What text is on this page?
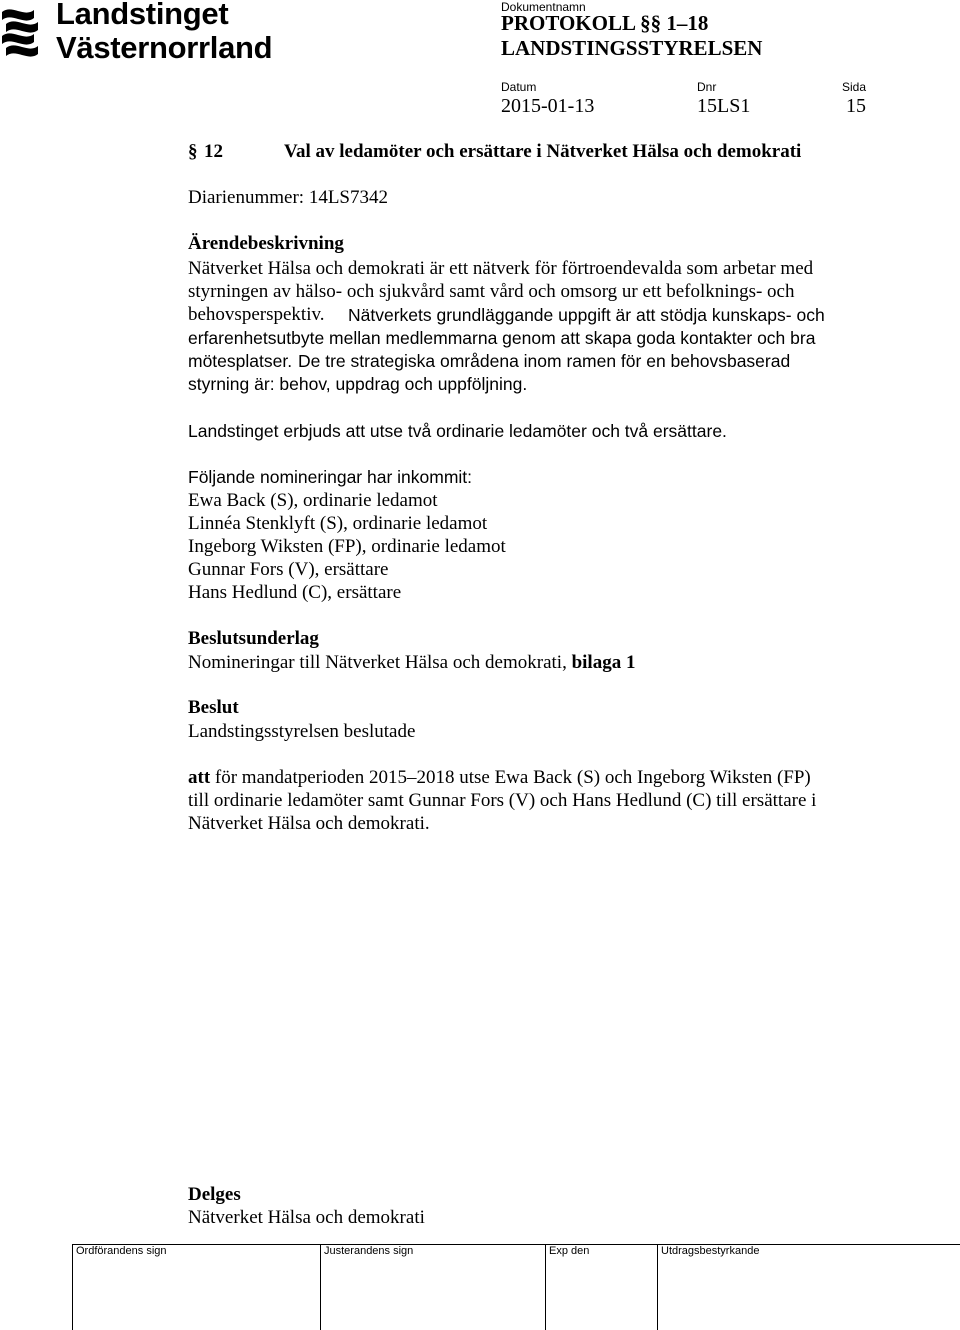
Landstinget
Västernorrland
Dokumentnamn
PROTOKOLL §§ 1–18
LANDSTINGSSTYRELSEN
Datum
2015-01-13
Dnr
15LS1
Sida
15
§ 12	Val av ledamöter och ersättare i Nätverket Hälsa och demokrati
Diarienummer: 14LS7342
Ärendebeskrivning
Nätverket Hälsa och demokrati är ett nätverk för förtroendevalda som arbetar med
styrningen av hälso- och sjukvård samt vård och omsorg ur ett befolknings- och
behovsperspektiv. Nätverkets grundläggande uppgift är att stödja kunskaps- och
erfarenhetsutbyte mellan medlemmarna genom att skapa goda kontakter och bra
mötesplatser. De tre strategiska områdena inom ramen för en behovsbaserad
styrning är: behov, uppdrag och uppföljning.
Landstinget erbjuds att utse två ordinarie ledamöter och två ersättare.
Följande nomineringar har inkommit:
Ewa Back (S), ordinarie ledamot
Linnéa Stenklyft (S), ordinarie ledamot
Ingeborg Wiksten (FP), ordinarie ledamot
Gunnar Fors (V), ersättare
Hans Hedlund (C), ersättare
Beslutsunderlag
Nomineringar till Nätverket Hälsa och demokrati, bilaga 1
Beslut
Landstingsstyrelsen beslutade
att för mandatperioden 2015–2018 utse Ewa Back (S) och Ingeborg Wiksten (FP)
till ordinarie ledamöter samt Gunnar Fors (V) och Hans Hedlund (C) till ersättare i
Nätverket Hälsa och demokrati.
Delges
Nätverket Hälsa och demokrati
Ordförandens sign	Justerandens sign	Exp den	Utdragsbestyrkande
